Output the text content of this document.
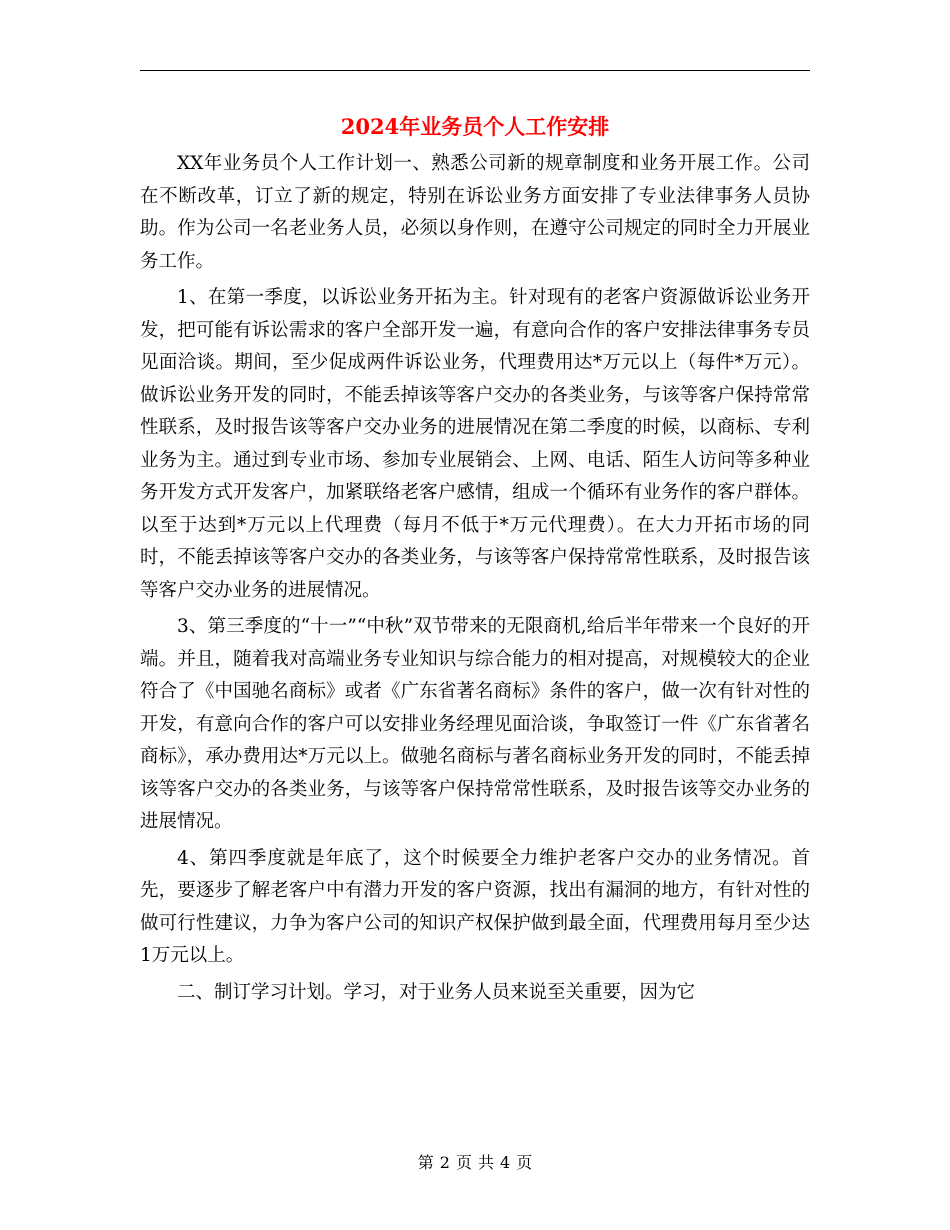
2024年业务员个人工作安排

XX年业务员个人工作计划一、熟悉公司新的规章制度和业务开展工作。公司在不断改革，订立了新的规定，特别在诉讼业务方面安排了专业法律事务人员协助。作为公司一名老业务人员，必须以身作则，在遵守公司规定的同时全力开展业务工作。

1、在第一季度，以诉讼业务开拓为主。针对现有的老客户资源做诉讼业务开发，把可能有诉讼需求的客户全部开发一遍，有意向合作的客户安排法律事务专员见面洽谈。期间，至少促成两件诉讼业务，代理费用达*万元以上（每件*万元）。做诉讼业务开发的同时，不能丢掉该等客户交办的各类业务，与该等客户保持常常性联系，及时报告该等客户交办业务的进展情况在第二季度的时候，以商标、专利业务为主。通过到专业市场、参加专业展销会、上网、电话、陌生人访问等多种业务开发方式开发客户，加紧联络老客户感情，组成一个循环有业务作的客户群体。以至于达到*万元以上代理费（每月不低于*万元代理费）。在大力开拓市场的同时，不能丢掉该等客户交办的各类业务，与该等客户保持常常性联系，及时报告该等客户交办业务的进展情况。

3、第三季度的“十一”“中秋”双节带来的无限商机,给后半年带来一个良好的开端。并且，随着我对高端业务专业知识与综合能力的相对提高，对规模较大的企业符合了《中国驰名商标》或者《广东省著名商标》条件的客户，做一次有针对性的开发，有意向合作的客户可以安排业务经理见面洽谈，争取签订一件《广东省著名商标》，承办费用达*万元以上。做驰名商标与著名商标业务开发的同时，不能丢掉该等客户交办的各类业务，与该等客户保持常常性联系，及时报告该等交办业务的进展情况。

4、第四季度就是年底了，这个时候要全力维护老客户交办的业务情况。首先，要逐步了解老客户中有潜力开发的客户资源，找出有漏洞的地方，有针对性的做可行性建议，力争为客户公司的知识产权保护做到最全面，代理费用每月至少达1万元以上。

二、制订学习计划。学习，对于业务人员来说至关重要，因为它

第 2 页 共 4 页
